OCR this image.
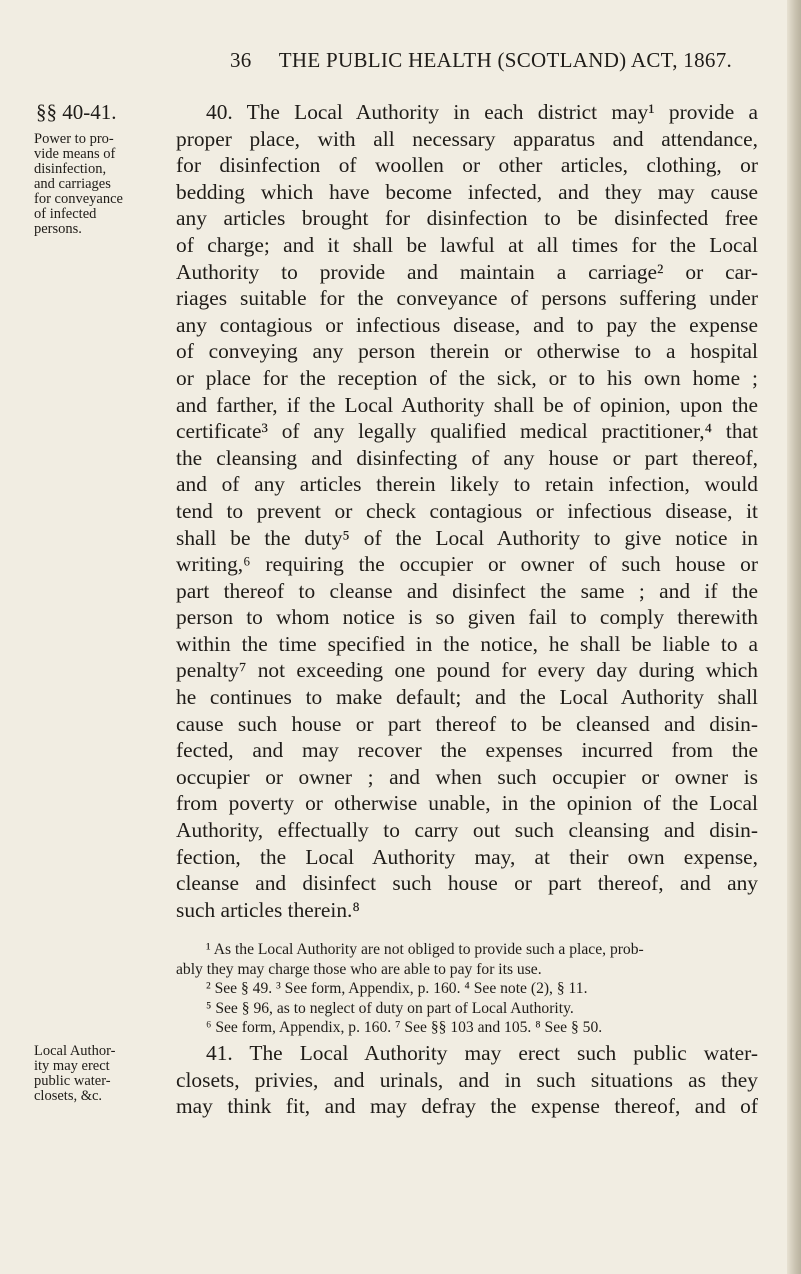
36 THE PUBLIC HEALTH (SCOTLAND) ACT, 1867.
§§ 40-41.
Power to pro-
vide means of
disinfection,
and carriages
for conveyance
of infected
persons.
40. The Local Authority in each district may¹ provide a
proper place, with all necessary apparatus and attendance,
for disinfection of woollen or other articles, clothing, or
bedding which have become infected, and they may cause
any articles brought for disinfection to be disinfected free
of charge; and it shall be lawful at all times for the Local
Authority to provide and maintain a carriage² or car-
riages suitable for the conveyance of persons suffering under
any contagious or infectious disease, and to pay the expense
of conveying any person therein or otherwise to a hospital
or place for the reception of the sick, or to his own home ;
and farther, if the Local Authority shall be of opinion, upon the
certificate³ of any legally qualified medical practitioner,⁴ that
the cleansing and disinfecting of any house or part thereof,
and of any articles therein likely to retain infection, would
tend to prevent or check contagious or infectious disease, it
shall be the duty⁵ of the Local Authority to give notice in
writing,⁶ requiring the occupier or owner of such house or
part thereof to cleanse and disinfect the same ; and if the
person to whom notice is so given fail to comply therewith
within the time specified in the notice, he shall be liable to a
penalty⁷ not exceeding one pound for every day during which
he continues to make default; and the Local Authority shall
cause such house or part thereof to be cleansed and disin-
fected, and may recover the expenses incurred from the
occupier or owner ; and when such occupier or owner is
from poverty or otherwise unable, in the opinion of the Local
Authority, effectually to carry out such cleansing and disin-
fection, the Local Authority may, at their own expense,
cleanse and disinfect such house or part thereof, and any
such articles therein.⁸
¹ As the Local Authority are not obliged to provide such a place, prob-
ably they may charge those who are able to pay for its use.
² See § 49. ³ See form, Appendix, p. 160. ⁴ See note (2), § 11.
⁵ See § 96, as to neglect of duty on part of Local Authority.
⁶ See form, Appendix, p. 160. ⁷ See §§ 103 and 105. ⁸ See § 50.
Local Author-
ity may erect
public water-
closets, &c.
41. The Local Authority may erect such public water-
closets, privies, and urinals, and in such situations as they
may think fit, and may defray the expense thereof, and of
